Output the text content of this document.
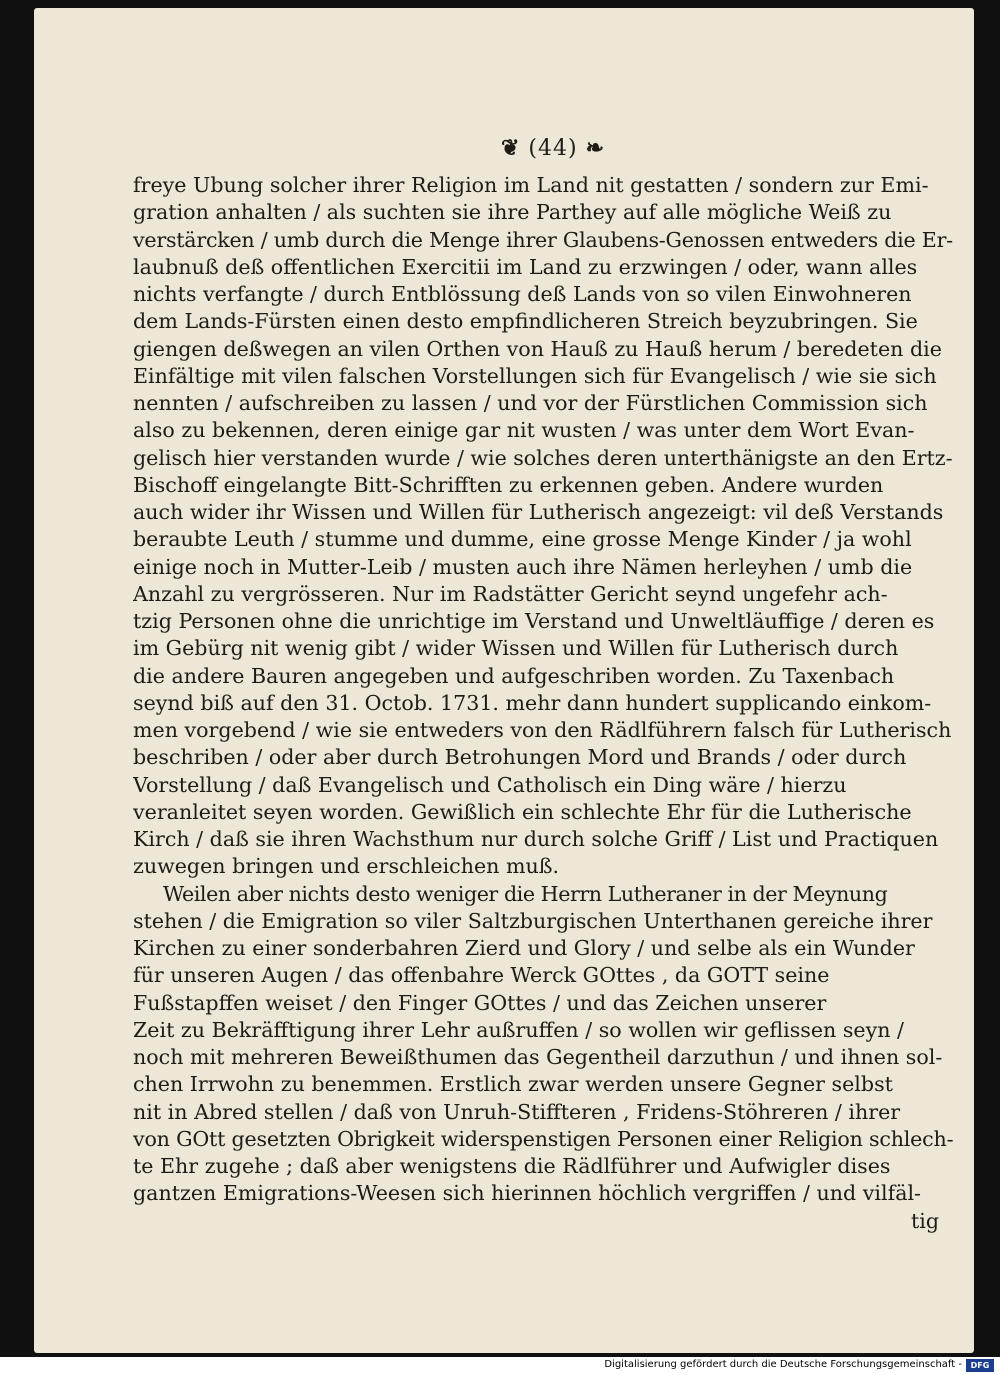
❦ (44) ❧
freye Ubung solcher ihrer Religion im Land nit gestatten / sondern zur Emi-
gration anhalten / als suchten sie ihre Parthey auf alle mögliche Weiß zu
verstärcken / umb durch die Menge ihrer Glaubens-Genossen entweders die Er-
laubnuß deß offentlichen Exercitii im Land zu erzwingen / oder, wann alles
nichts verfangte / durch Entblössung deß Lands von so vilen Einwohneren
dem Lands-Fürsten einen desto empfindlicheren Streich beyzubringen. Sie
giengen deßwegen an vilen Orthen von Hauß zu Hauß herum / beredeten die
Einfältige mit vilen falschen Vorstellungen sich für Evangelisch / wie sie sich
nennten / aufschreiben zu lassen / und vor der Fürstlichen Commission sich
also zu bekennen, deren einige gar nit wusten / was unter dem Wort Evan-
gelisch hier verstanden wurde / wie solches deren unterthänigste an den Ertz-
Bischoff eingelangte Bitt-Schrifften zu erkennen geben. Andere wurden
auch wider ihr Wissen und Willen für Lutherisch angezeigt: vil deß Verstands
beraubte Leuth / stumme und dumme, eine grosse Menge Kinder / ja wohl
einige noch in Mutter-Leib / musten auch ihre Nämen herleyhen / umb die
Anzahl zu vergrösseren. Nur im Radstätter Gericht seynd ungefehr ach-
tzig Personen ohne die unrichtige im Verstand und Unweltläuffige / deren es
im Gebürg nit wenig gibt / wider Wissen und Willen für Lutherisch durch
die andere Bauren angegeben und aufgeschriben worden. Zu Taxenbach
seynd biß auf den 31. Octob. 1731. mehr dann hundert supplicando einkom-
men vorgebend / wie sie entweders von den Rädlführern falsch für Lutherisch
beschriben / oder aber durch Betrohungen Mord und Brands / oder durch
Vorstellung / daß Evangelisch und Catholisch ein Ding wäre / hierzu
veranleitet seyen worden. Gewißlich ein schlechte Ehr für die Lutherische
Kirch / daß sie ihren Wachsthum nur durch solche Griff / List und Practiquen
zuwegen bringen und erschleichen muß.
Weilen aber nichts desto weniger die Herrn Lutheraner in der Meynung
stehen / die Emigration so viler Saltzburgischen Unterthanen gereiche ihrer
Kirchen zu einer sonderbahren Zierd und Glory / und selbe als ein Wunder
für unseren Augen / das offenbahre Werck GOttes , da GOTT seine
Fußstapffen weiset / den Finger GOttes / und das Zeichen unserer
Zeit zu Bekräfftigung ihrer Lehr außruffen / so wollen wir geflissen seyn /
noch mit mehreren Beweißthumen das Gegentheil darzuthun / und ihnen sol-
chen Irrwohn zu benemmen. Erstlich zwar werden unsere Gegner selbst
nit in Abred stellen / daß von Unruh-Stiffteren , Fridens-Stöhreren / ihrer
von GOtt gesetzten Obrigkeit widerspenstigen Personen einer Religion schlech-
te Ehr zugehe ; daß aber wenigstens die Rädlführer und Aufwigler dises
gantzen Emigrations-Weesen sich hierinnen höchlich vergriffen / und vilfäl-
tig
Digitalisierung gefördert durch die Deutsche Forschungsgemeinschaft -	DFG
